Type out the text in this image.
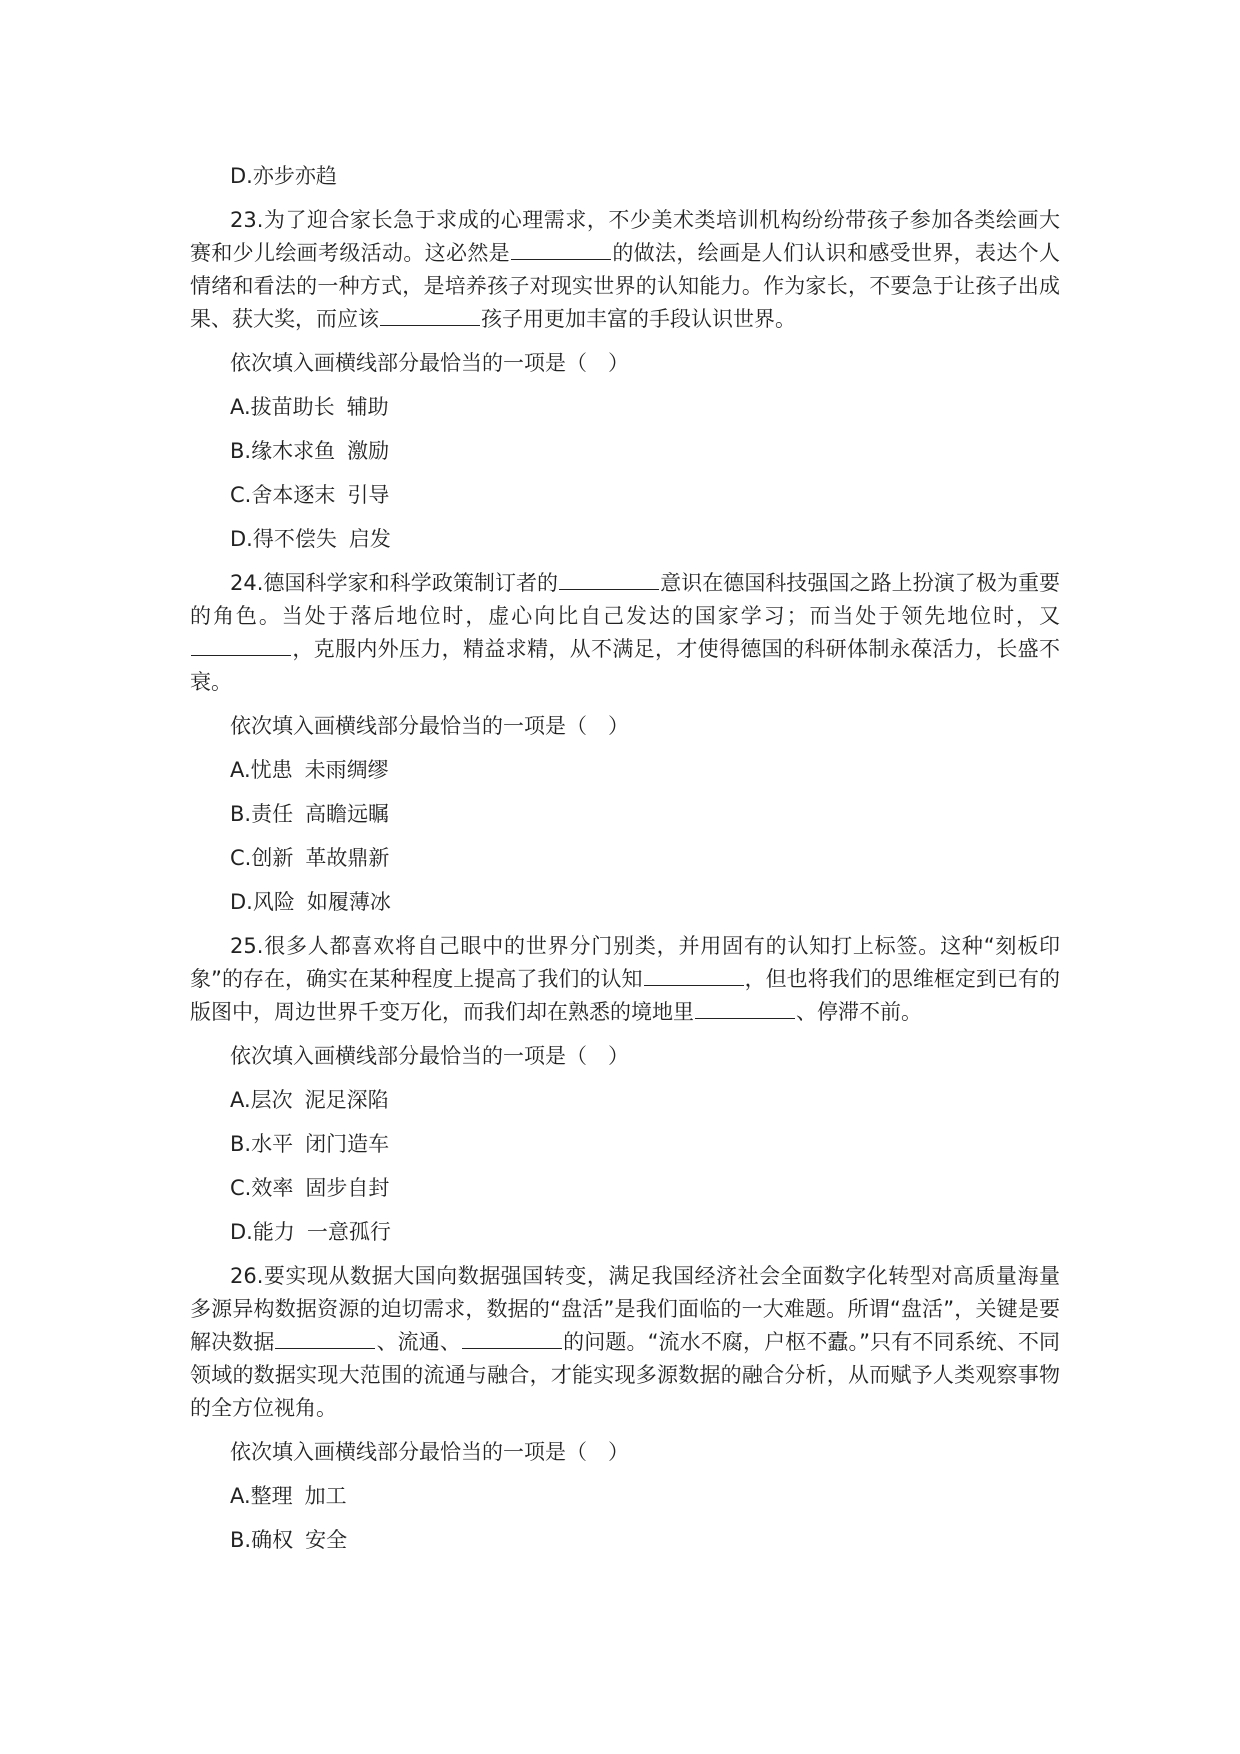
D.亦步亦趋

23.为了迎合家长急于求成的心理需求，不少美术类培训机构纷纷带孩子参加各类绘画大赛和少儿绘画考级活动。这必然是	的做法，绘画是人们认识和感受世界，表达个人情绪和看法的一种方式，是培养孩子对现实世界的认知能力。作为家长，不要急于让孩子出成果、获大奖，而应该	孩子用更加丰富的手段认识世界。

依次填入画横线部分最恰当的一项是（　）

A.拔苗助长 辅助

B.缘木求鱼 激励

C.舍本逐末 引导

D.得不偿失 启发

24.德国科学家和科学政策制订者的	意识在德国科技强国之路上扮演了极为重要的角色。当处于落后地位时，虚心向比自己发达的国家学习；而当处于领先地位时，又，克服内外压力，精益求精，从不满足，才使得德国的科研体制永葆活力，长盛不衰。

依次填入画横线部分最恰当的一项是（　）

A.忧患 未雨绸缪

B.责任 高瞻远瞩

C.创新 革故鼎新

D.风险 如履薄冰

25.很多人都喜欢将自己眼中的世界分门别类，并用固有的认知打上标签。这种“刻板印象”的存在，确实在某种程度上提高了我们的认知	，但也将我们的思维框定到已有的版图中，周边世界千变万化，而我们却在熟悉的境地里	、停滞不前。

依次填入画横线部分最恰当的一项是（　）

A.层次 泥足深陷

B.水平 闭门造车

C.效率 固步自封

D.能力 一意孤行

26.要实现从数据大国向数据强国转变，满足我国经济社会全面数字化转型对高质量海量多源异构数据资源的迫切需求，数据的“盘活”是我们面临的一大难题。所谓“盘活”，关键是要解决数据	、流通、	的问题。“流水不腐，户枢不蠹。”只有不同系统、不同领域的数据实现大范围的流通与融合，才能实现多源数据的融合分析，从而赋予人类观察事物的全方位视角。

依次填入画横线部分最恰当的一项是（　）

A.整理 加工

B.确权 安全
